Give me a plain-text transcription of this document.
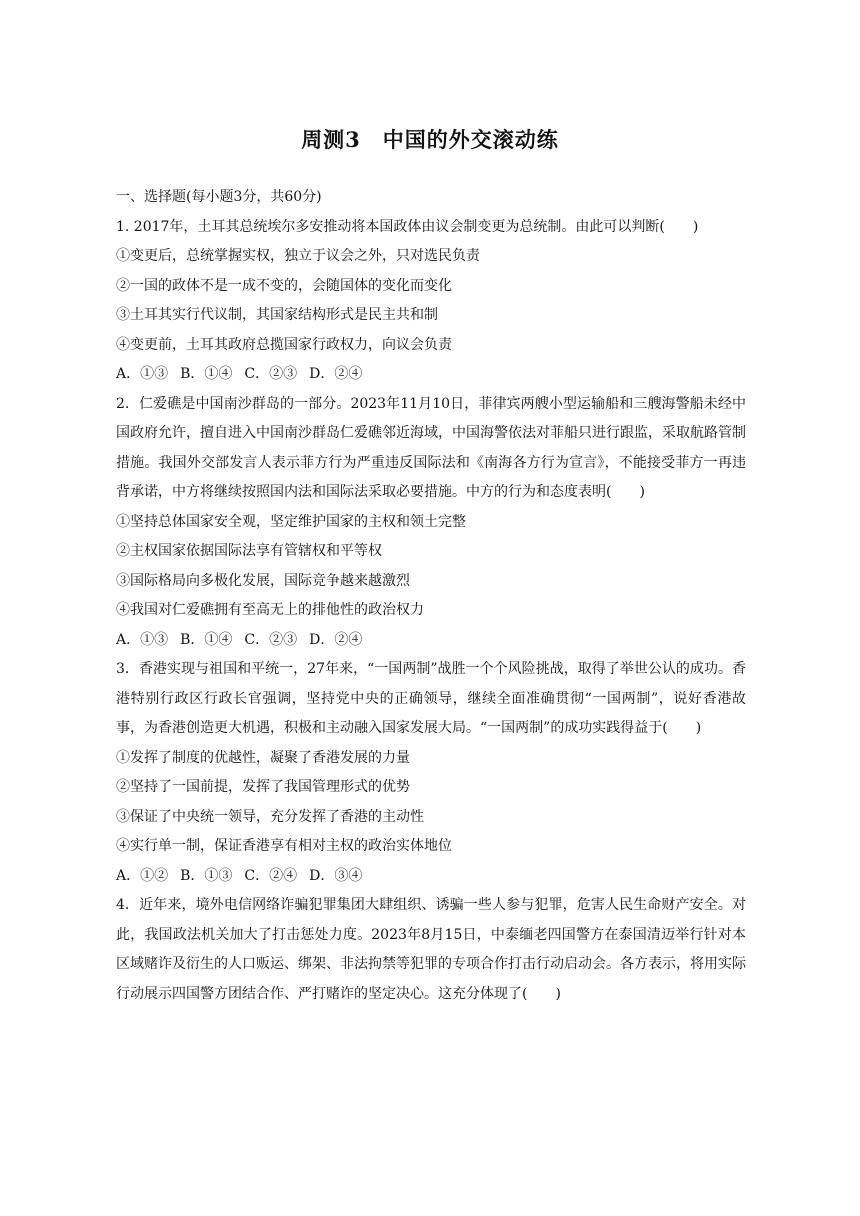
周测3　中国的外交滚动练

一、选择题(每小题3分，共60分)

1. 2017年，土耳其总统埃尔多安推动将本国政体由议会制变更为总统制。由此可以判断(　　)

①变更后，总统掌握实权，独立于议会之外，只对选民负责

②一国的政体不是一成不变的，会随国体的变化而变化

③土耳其实行代议制，其国家结构形式是民主共和制

④变更前，土耳其政府总揽国家行政权力，向议会负责

A．①③ B．①④ C．②③ D．②④

2．仁爱礁是中国南沙群岛的一部分。2023年11月10日，菲律宾两艘小型运输船和三艘海警船未经中国政府允许，擅自进入中国南沙群岛仁爱礁邻近海域，中国海警依法对菲船只进行跟监，采取航路管制措施。我国外交部发言人表示菲方行为严重违反国际法和《南海各方行为宣言》，不能接受菲方一再违背承诺，中方将继续按照国内法和国际法采取必要措施。中方的行为和态度表明(　　)

①坚持总体国家安全观，坚定维护国家的主权和领土完整

②主权国家依据国际法享有管辖权和平等权

③国际格局向多极化发展，国际竞争越来越激烈

④我国对仁爱礁拥有至高无上的排他性的政治权力

A．①③ B．①④ C．②③ D．②④

3．香港实现与祖国和平统一，27年来，“一国两制”战胜一个个风险挑战，取得了举世公认的成功。香港特别行政区行政长官强调，坚持党中央的正确领导，继续全面准确贯彻“一国两制”，说好香港故事，为香港创造更大机遇，积极和主动融入国家发展大局。“一国两制”的成功实践得益于(　　)

①发挥了制度的优越性，凝聚了香港发展的力量

②坚持了一国前提，发挥了我国管理形式的优势

③保证了中央统一领导，充分发挥了香港的主动性

④实行单一制，保证香港享有相对主权的政治实体地位

A．①② B．①③ C．②④ D．③④

4．近年来，境外电信网络诈骗犯罪集团大肆组织、诱骗一些人参与犯罪，危害人民生命财产安全。对此，我国政法机关加大了打击惩处力度。2023年8月15日，中泰缅老四国警方在泰国清迈举行针对本区域赌诈及衍生的人口贩运、绑架、非法拘禁等犯罪的专项合作打击行动启动会。各方表示，将用实际行动展示四国警方团结合作、严打赌诈的坚定决心。这充分体现了(　　)
